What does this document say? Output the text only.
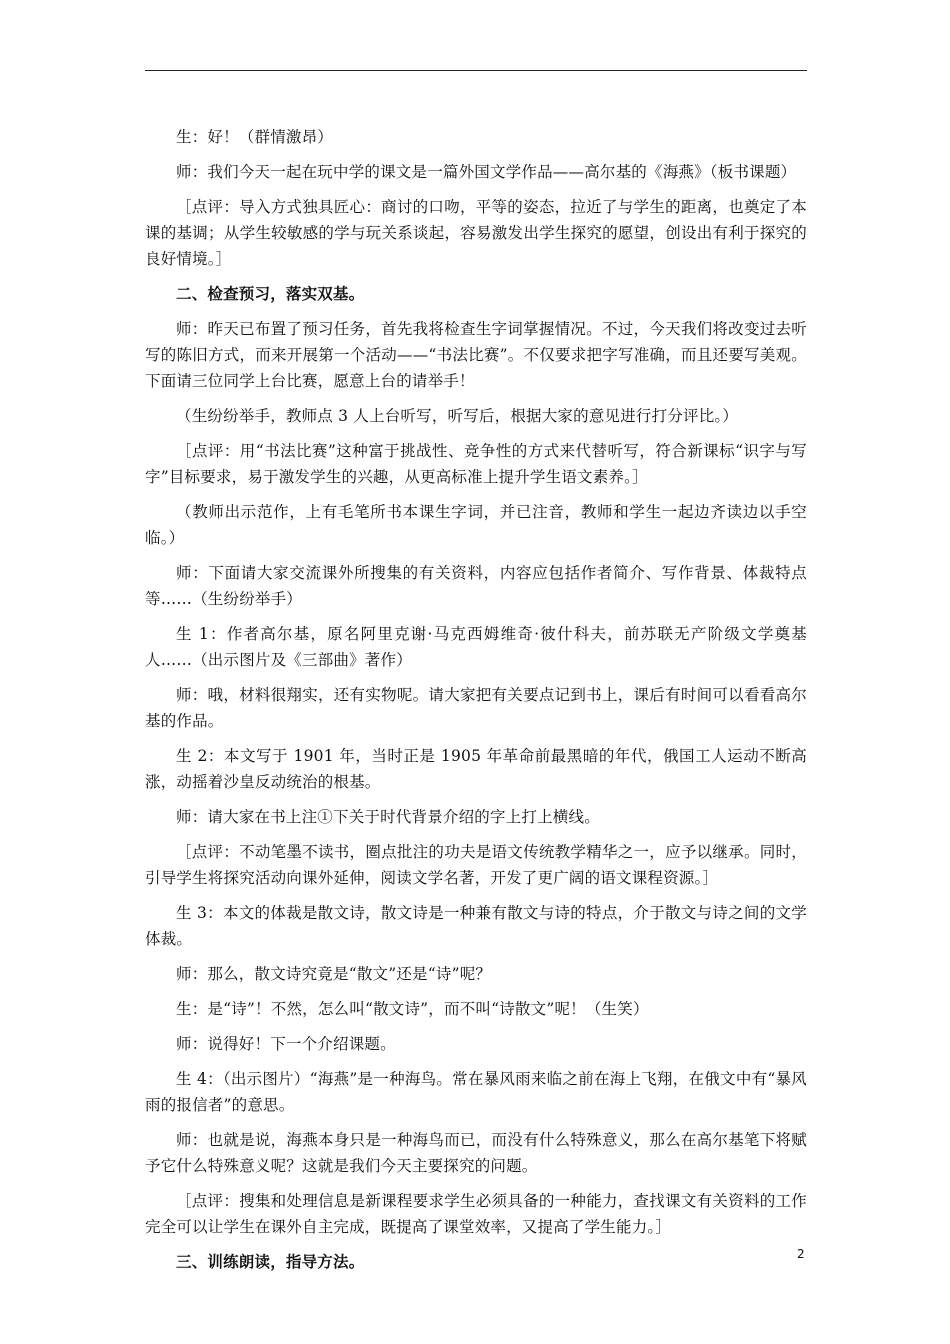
生：好！（群情激昂）

师：我们今天一起在玩中学的课文是一篇外国文学作品——高尔基的《海燕》（板书课题）

［点评：导入方式独具匠心：商讨的口吻，平等的姿态，拉近了与学生的距离，也奠定了本课的基调；从学生较敏感的学与玩关系谈起，容易激发出学生探究的愿望，创设出有利于探究的良好情境。］

二、检查预习，落实双基。

师：昨天已布置了预习任务，首先我将检查生字词掌握情况。不过，今天我们将改变过去听写的陈旧方式，而来开展第一个活动——“书法比赛”。不仅要求把字写准确，而且还要写美观。下面请三位同学上台比赛，愿意上台的请举手！

（生纷纷举手，教师点 3 人上台听写，听写后，根据大家的意见进行打分评比。）

［点评：用“书法比赛”这种富于挑战性、竞争性的方式来代替听写，符合新课标“识字与写字”目标要求，易于激发学生的兴趣，从更高标准上提升学生语文素养。］

（教师出示范作，上有毛笔所书本课生字词，并已注音，教师和学生一起边齐读边以手空临。）

师：下面请大家交流课外所搜集的有关资料，内容应包括作者简介、写作背景、体裁特点等……（生纷纷举手）

生 1：作者高尔基，原名阿里克谢·马克西姆维奇·彼什科夫，前苏联无产阶级文学奠基人……（出示图片及《三部曲》著作）

师：哦，材料很翔实，还有实物呢。请大家把有关要点记到书上，课后有时间可以看看高尔基的作品。

生 2：本文写于 1901 年，当时正是 1905 年革命前最黑暗的年代，俄国工人运动不断高涨，动摇着沙皇反动统治的根基。

师：请大家在书上注①下关于时代背景介绍的字上打上横线。

［点评：不动笔墨不读书，圈点批注的功夫是语文传统教学精华之一，应予以继承。同时，引导学生将探究活动向课外延伸，阅读文学名著，开发了更广阔的语文课程资源。］

生 3：本文的体裁是散文诗，散文诗是一种兼有散文与诗的特点，介于散文与诗之间的文学体裁。

师：那么，散文诗究竟是“散文”还是“诗”呢？

生：是“诗”！不然，怎么叫“散文诗”，而不叫“诗散文”呢！（生笑）

师：说得好！下一个介绍课题。

生 4：（出示图片）“海燕”是一种海鸟。常在暴风雨来临之前在海上飞翔，在俄文中有“暴风雨的报信者”的意思。

师：也就是说，海燕本身只是一种海鸟而已，而没有什么特殊意义，那么在高尔基笔下将赋予它什么特殊意义呢？这就是我们今天主要探究的问题。

［点评：搜集和处理信息是新课程要求学生必须具备的一种能力，查找课文有关资料的工作完全可以让学生在课外自主完成，既提高了课堂效率，又提高了学生能力。］

三、训练朗读，指导方法。	2
